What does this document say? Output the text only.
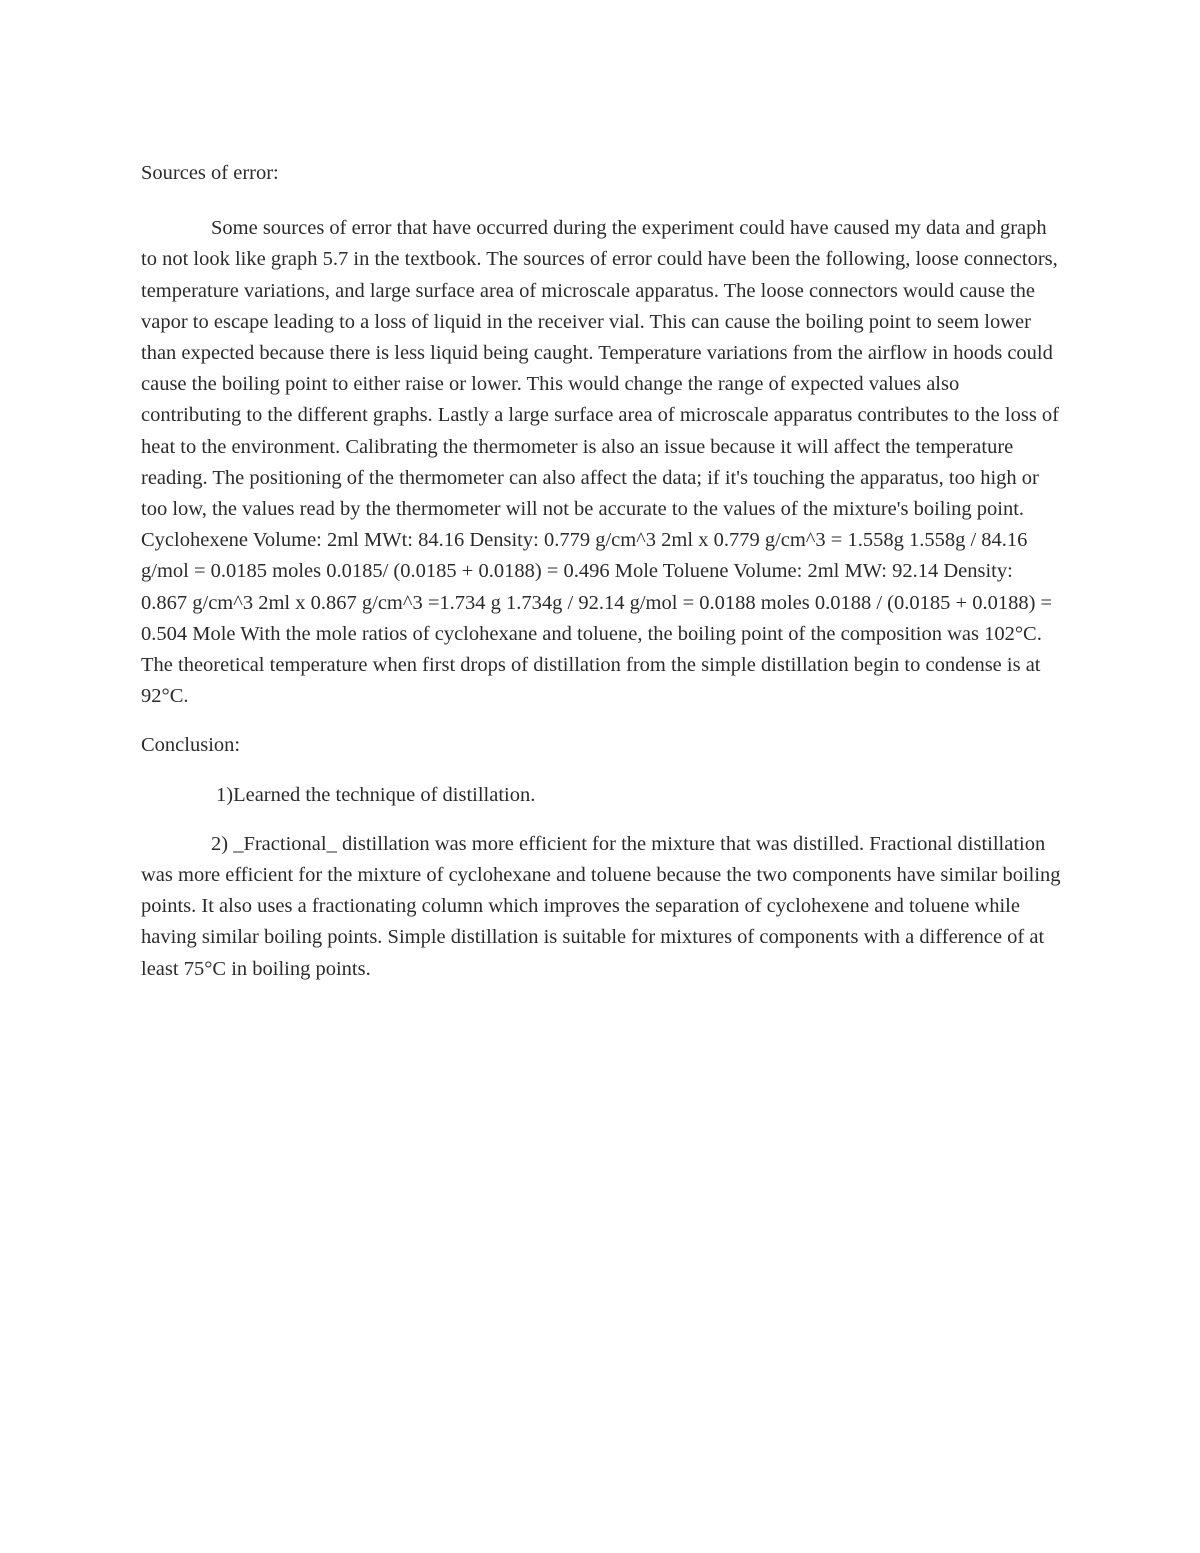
Sources of error:

Some sources of error that have occurred during the experiment could have caused my data and graph to not look like graph 5.7 in the textbook. The sources of error could have been the following, loose connectors, temperature variations, and large surface area of microscale apparatus. The loose connectors would cause the vapor to escape leading to a loss of liquid in the receiver vial. This can cause the boiling point to seem lower than expected because there is less liquid being caught. Temperature variations from the airflow in hoods could cause the boiling point to either raise or lower. This would change the range of expected values also contributing to the different graphs. Lastly a large surface area of microscale apparatus contributes to the loss of heat to the environment. Calibrating the thermometer is also an issue because it will affect the temperature reading. The positioning of the thermometer can also affect the data; if it's touching the apparatus, too high or too low, the values read by the thermometer will not be accurate to the values of the mixture's boiling point. Cyclohexene Volume: 2ml MWt: 84.16 Density: 0.779 g/cm^3 2ml x 0.779 g/cm^3 = 1.558g 1.558g / 84.16 g/mol = 0.0185 moles 0.0185/ (0.0185 + 0.0188) = 0.496 Mole Toluene Volume: 2ml MW: 92.14 Density: 0.867 g/cm^3 2ml x 0.867 g/cm^3 =1.734 g 1.734g / 92.14 g/mol = 0.0188 moles 0.0188 / (0.0185 + 0.0188) = 0.504 Mole With the mole ratios of cyclohexane and toluene, the boiling point of the composition was 102°C. The theoretical temperature when first drops of distillation from the simple distillation begin to condense is at 92°C.

Conclusion:

1)Learned the technique of distillation.

2) _Fractional_ distillation was more efficient for the mixture that was distilled. Fractional distillation was more efficient for the mixture of cyclohexane and toluene because the two components have similar boiling points. It also uses a fractionating column which improves the separation of cyclohexene and toluene while having similar boiling points. Simple distillation is suitable for mixtures of components with a difference of at least 75°C in boiling points.
